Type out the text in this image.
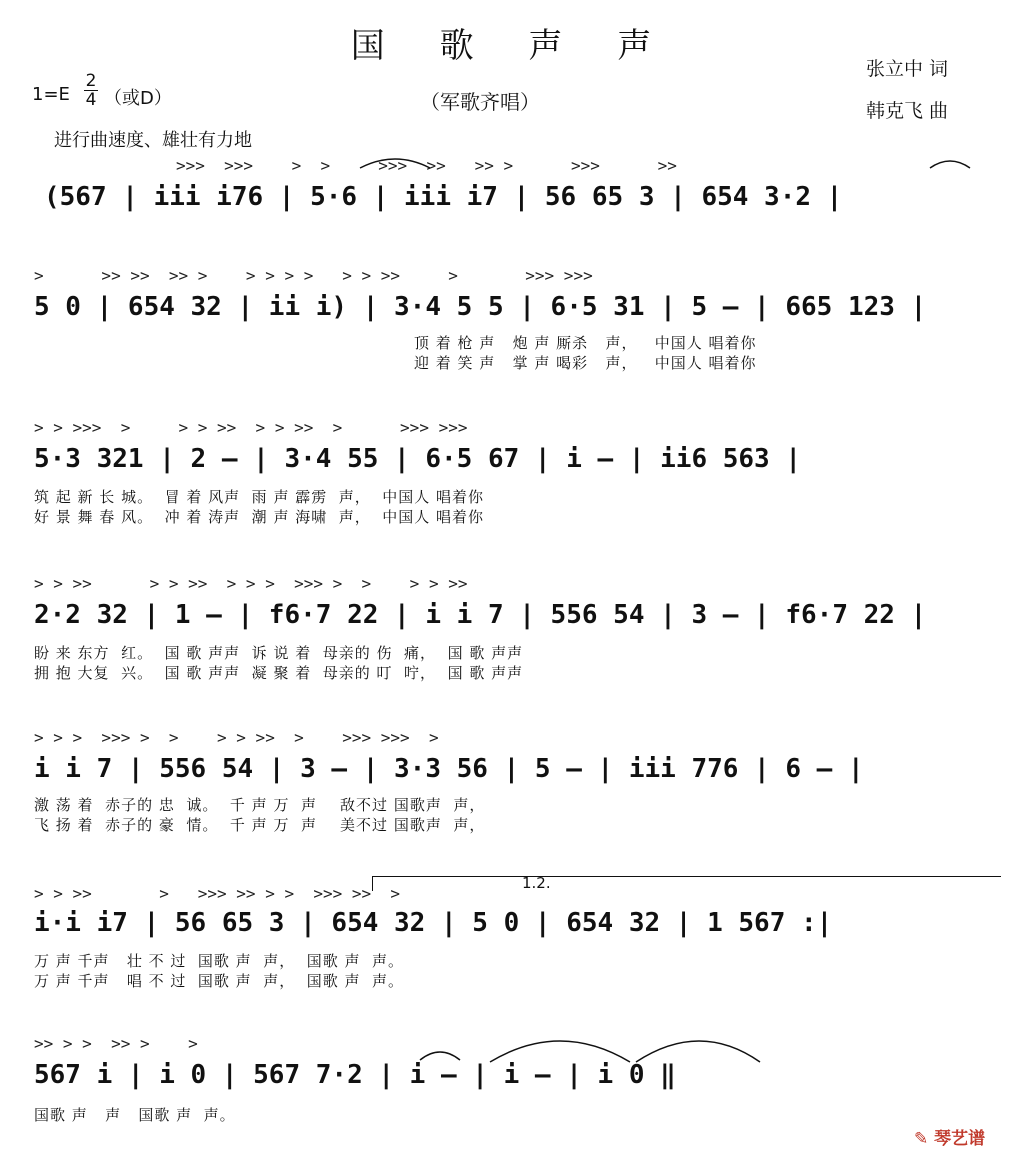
国 歌 声 声
（军歌齐唱）
张立中 词
韩克飞 曲
1=E
2
4 （或D）
进行曲速度、雄壮有力地
>>>  >>>    >  >     >>>  >>   >> >      >>>      >>
(567 | iii i76 | 5·6 | iii i7 | 56 65 3 | 654 3·2 |
>      >> >>  >> >    > > > >   > > >>     >       >>> >>>
5 0 | 654 32 | ii i) | 3·4 5 5 | 6·5 31 | 5 – | 665 123 |
顶 着 枪 声   炮 声 厮杀   声，   中国人 唱着你
迎 着 笑 声   掌 声 喝彩   声，   中国人 唱着你
> > >>>  >     > > >>  > > >>  >      >>> >>>
5·3 321 | 2 – | 3·4 55 | 6·5 67 | i – | ii6 563 |
筑 起 新 长 城。  冒 着 风声  雨 声 霹雳  声，  中国人 唱着你
好 景 舞 春 风。  冲 着 涛声  潮 声 海啸  声，  中国人 唱着你
> > >>      > > >>  > > >  >>> >  >    > > >>
2·2 32 | 1 – | f6·7 22 | i i 7 | 556 54 | 3 – | f6·7 22 |
盼 来 东方  红。  国 歌 声声  诉 说 着  母亲的 伤  痛，  国 歌 声声
拥 抱 大复  兴。  国 歌 声声  凝 聚 着  母亲的 叮  咛，  国 歌 声声
> > >  >>> >  >    > > >>  >    >>> >>>  >
i i 7 | 556 54 | 3 – | 3·3 56 | 5 – | iii 776 | 6 – |
激 荡 着  赤子的 忠  诚。  千 声 万  声    敌不过 国歌声  声，
飞 扬 着  赤子的 豪  情。  千 声 万  声    美不过 国歌声  声，
1.2.
> > >>       >   >>> >> > >  >>> >>  >
i·i i7 | 56 65 3 | 654 32 | 5 0 | 654 32 | 1 567 :|
万 声 千声   壮 不 过  国歌 声  声，  国歌 声  声。
万 声 千声   唱 不 过  国歌 声  声，  国歌 声  声。
>> > >  >> >    >
567 i | i 0 | 567 7·2 | i – | i – | i 0 ‖
国歌 声   声   国歌 声  声。
✎ 琴艺谱
